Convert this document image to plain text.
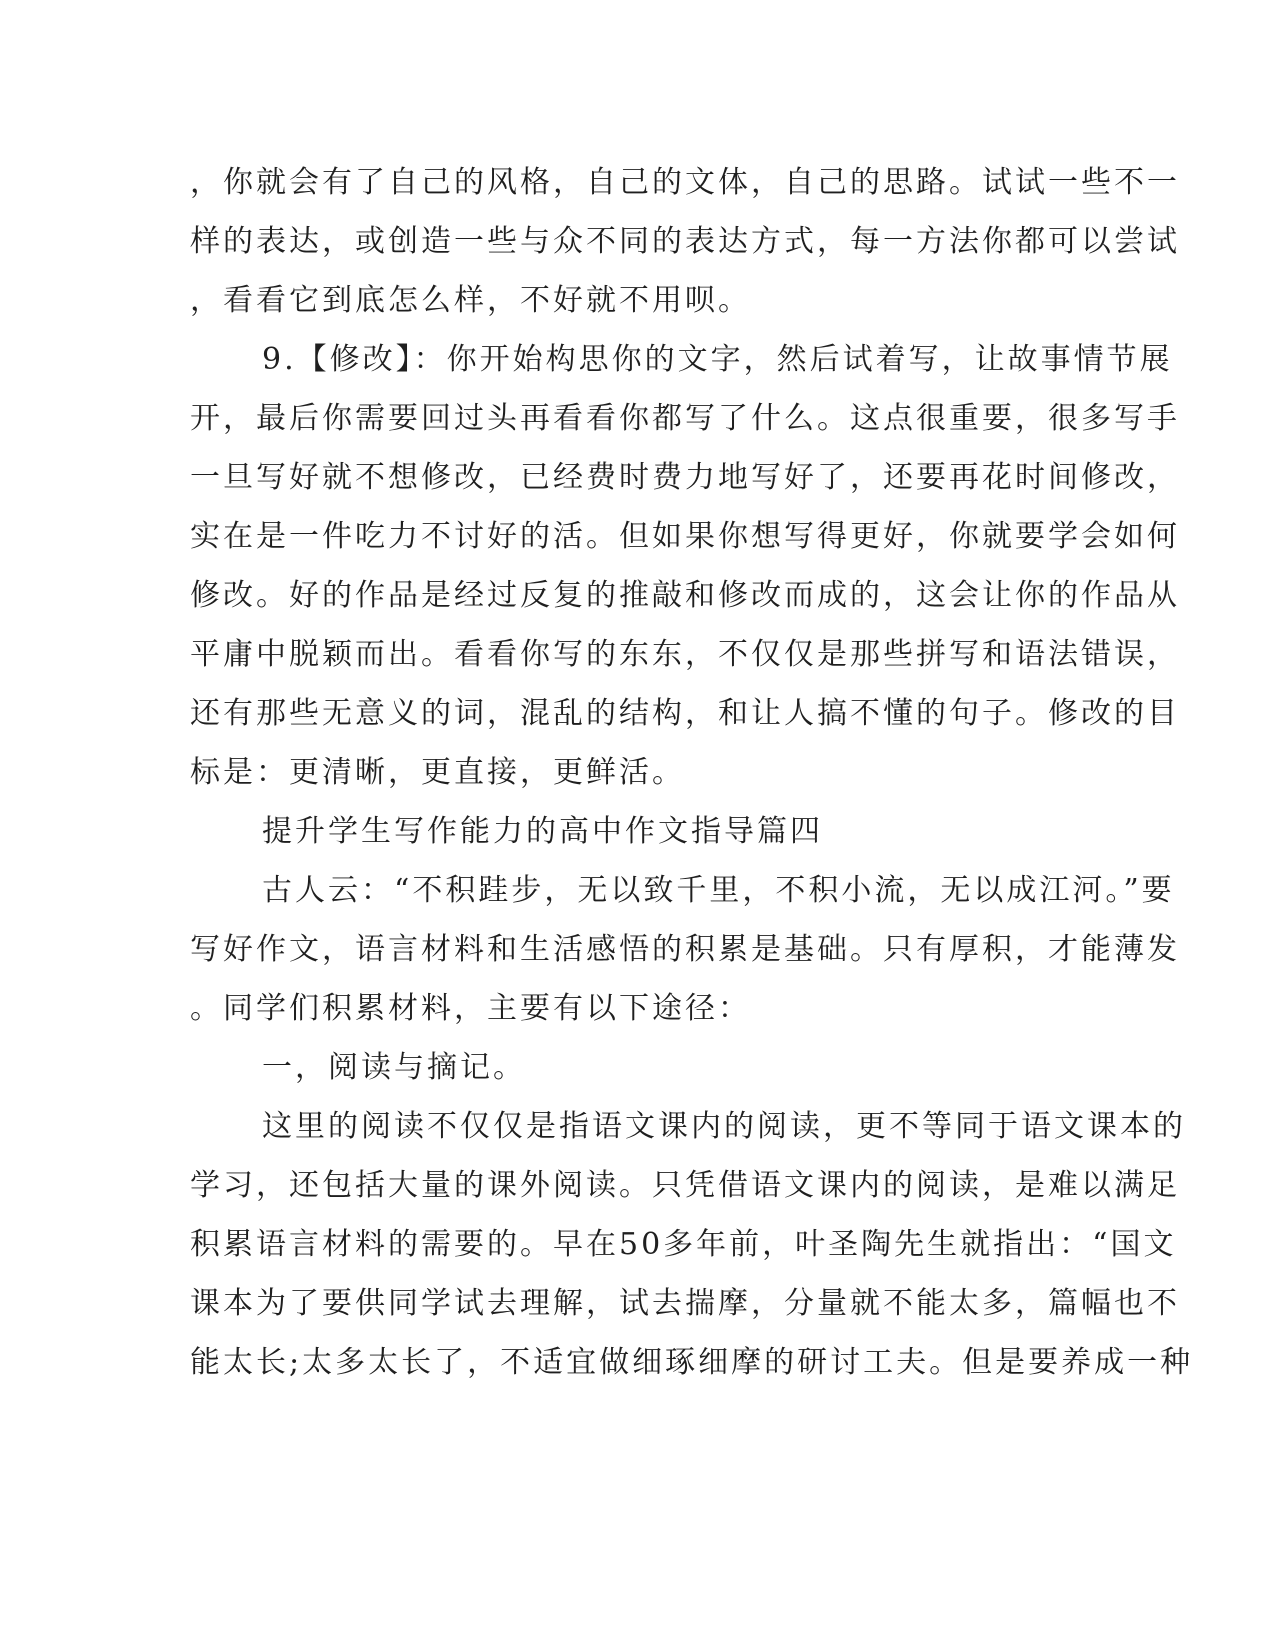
，你就会有了自己的风格，自己的文体，自己的思路。试试一些不一
样的表达，或创造一些与众不同的表达方式，每一方法你都可以尝试
，看看它到底怎么样，不好就不用呗。
9.【修改】：你开始构思你的文字，然后试着写，让故事情节展
开，最后你需要回过头再看看你都写了什么。这点很重要，很多写手
一旦写好就不想修改，已经费时费力地写好了，还要再花时间修改，
实在是一件吃力不讨好的活。但如果你想写得更好，你就要学会如何
修改。好的作品是经过反复的推敲和修改而成的，这会让你的作品从
平庸中脱颖而出。看看你写的东东，不仅仅是那些拼写和语法错误，
还有那些无意义的词，混乱的结构，和让人搞不懂的句子。修改的目
标是：更清晰，更直接，更鲜活。
提升学生写作能力的高中作文指导篇四
古人云：“不积跬步，无以致千里，不积小流，无以成江河。”要
写好作文，语言材料和生活感悟的积累是基础。只有厚积，才能薄发
。同学们积累材料，主要有以下途径：
一，阅读与摘记。
这里的阅读不仅仅是指语文课内的阅读，更不等同于语文课本的
学习，还包括大量的课外阅读。只凭借语文课内的阅读，是难以满足
积累语言材料的需要的。早在50多年前，叶圣陶先生就指出：“国文
课本为了要供同学试去理解，试去揣摩，分量就不能太多，篇幅也不
能太长;太多太长了，不适宜做细琢细摩的研讨工夫。但是要养成一种
